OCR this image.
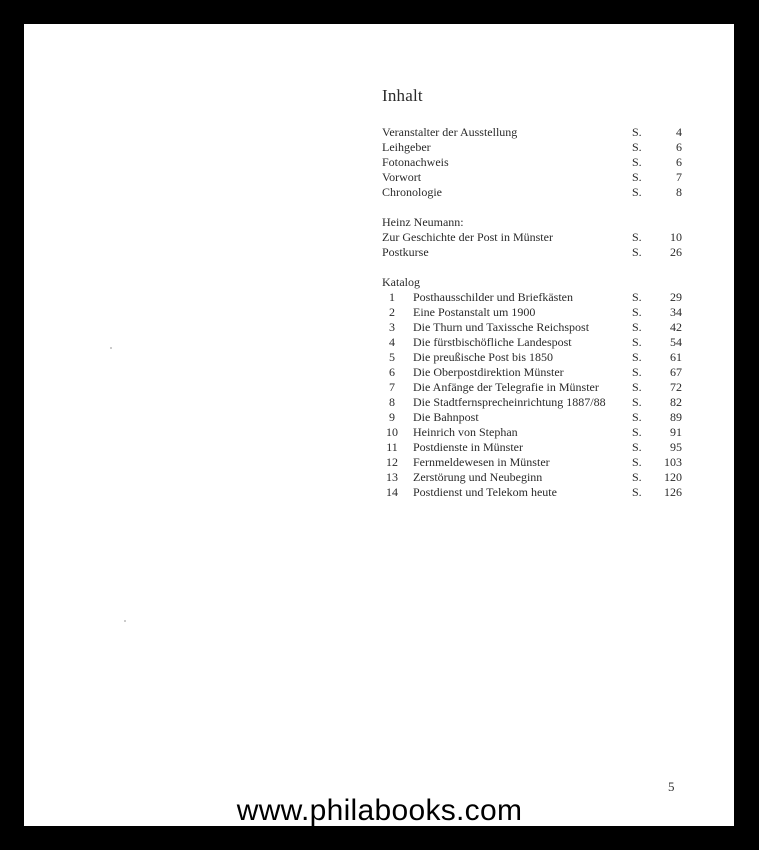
Inhalt
Veranstalter der Ausstellung	S.	4
Leihgeber	S.	6
Fotonachweis	S.	6
Vorwort	S.	7
Chronologie	S.	8
Heinz Neumann:
Zur Geschichte der Post in Münster	S. 10
Postkurse	S. 26
Katalog
1	Posthausschilder und Briefkästen	S. 29
2	Eine Postanstalt um 1900	S. 34
3	Die Thurn und Taxissche Reichspost	S. 42
4	Die fürstbischöfliche Landespost	S. 54
5	Die preußische Post bis 1850	S. 61
6	Die Oberpostdirektion Münster	S. 67
7	Die Anfänge der Telegrafie in Münster	S. 72
8	Die Stadtfernsprecheinrichtung 1887/88 S. 82
9	Die Bahnpost	S. 89
10	Heinrich von Stephan	S. 91
11	Postdienste in Münster	S. 95
12	Fernmeldewesen in Münster	S. 103
13	Zerstörung und Neubeginn	S. 120
14	Postdienst und Telekom heute	S. 126
5
www.philabooks.com
